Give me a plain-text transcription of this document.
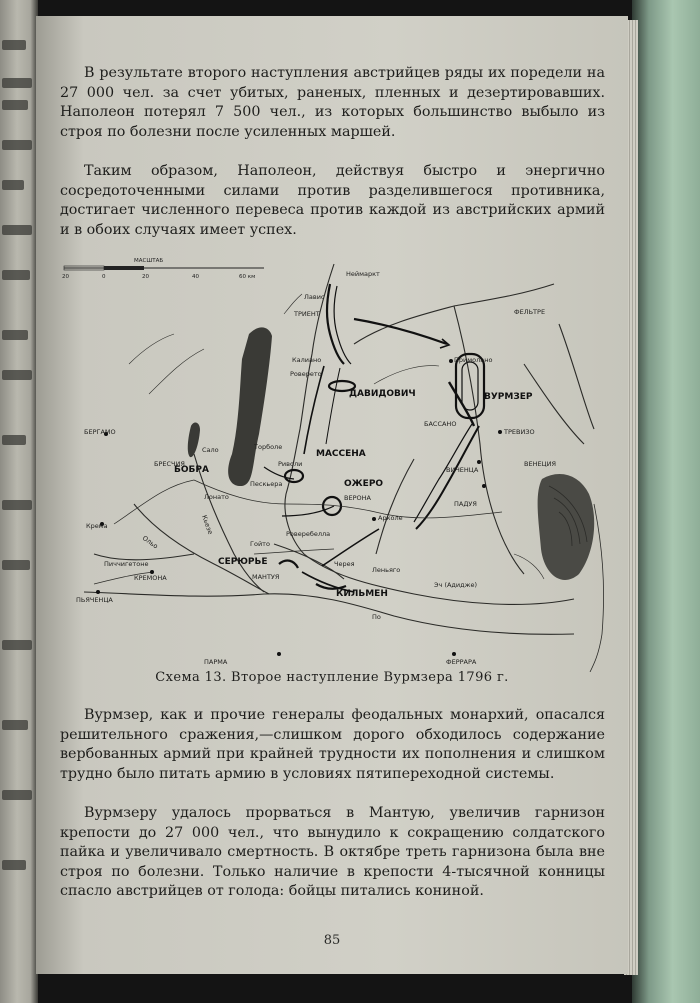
В результате второго наступления австрийцев ряды их поредели на 27 000 чел. за счет убитых, раненых, пленных и дезертировавших. Наполеон потерял 7 500 чел., из которых большинство выбыло из строя по болезни после усиленных маршей.

Таким образом, Наполеон, действуя быстро и энергично сосредоточенными силами против разделившегося противника, достигает численного перевеса против каждой из австрийских армий и в обоих случаях имеет успех.

МАСШТАБ
20	0	20	40	60 км
ДАВИДОВИЧ	ВУРМЗЕР
МАССЕНА
ОЖЕРО
СЕРЮРЬЕ
КИЛЬМЕН
БОБРА
Неймаркт
Лавис
ТРИЕНТ
Калиано
Роверето
ФЕЛЬТРЕ
Примолано
БАССАНО
ТРЕВИЗО
ВИЧЕНЦА
ПАДУЯ
ВЕНЕЦИЯ
БЕРГАМО
БРЕСЧИЯ
Лонато	ВЕРОНА
Арколе
МАНТУЯ
Гойто
Роверебелла
Черея
Леньяго
Крема
Пиччигетоне
КРЕМОНА
ПЬЯЧЕНЦА
ПАРМА	ФЕРРАРА
Эч (Адидже)
По
Ольо
Кьезе
Сало	Торболе
Пескьера
Риволи
Схема 13. Второе наступление Вурмзера 1796 г.

Вурмзер, как и прочие генералы феодальных монархий, опасался решительного сражения,—слишком дорого обходилось содержание вербованных армий при крайней трудности их пополнения и слишком трудно было питать армию в условиях пятипереходной системы.

Вурмзеру удалось прорваться в Мантую, увеличив гарнизон крепости до 27 000 чел., что вынудило к сокращению солдатского пайка и увеличивало смертность. В октябре треть гарнизона была вне строя по болезни. Только наличие в крепости 4-тысячной конницы спасло австрийцев от голода: бойцы питались кониной.

85
